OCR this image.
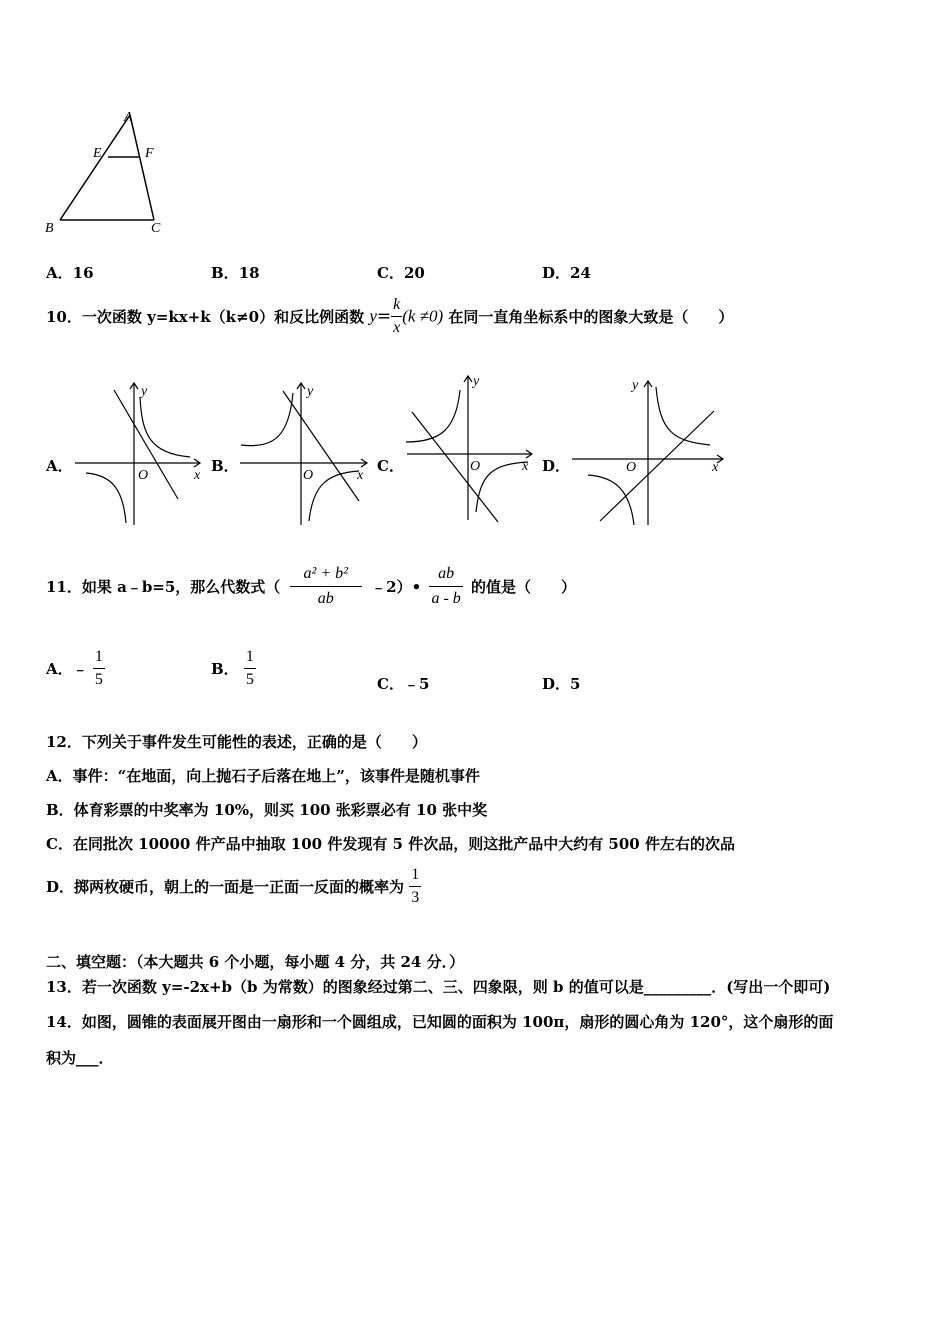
A
E	F
B	C
A．16	B．18	C．20	D．24
10．一次函数 y=kx+k（k≠0）和反比例函数 $y= \frac{k}{x} (k \ne 0)$ 在同一直角坐标系中的图象大致是（　　）
A．
x
y
O
B．
x
y
O
C．	x
y
O	D．	x
y
O
11．如果 a﹣b=5，那么代数式（ $\frac{\text{a² + b²}}{ab}$ ﹣2）• $\frac{ab}{a - b}$ 的值是（　　）
A．﹣ $\frac{1}{5}$	B． $\frac{1}{5}$	C．﹣5	D．5
12．下列关于事件发生可能性的表述，正确的是（　　）
A．事件：“在地面，向上抛石子后落在地上”，该事件是随机事件
B．体育彩票的中奖率为 10%，则买 100 张彩票必有 10 张中奖
C．在同批次 10000 件产品中抽取 100 件发现有 5 件次品，则这批产品中大约有 500 件左右的次品
D．掷两枚硬币，朝上的一面是一正面一反面的概率为 $\frac{1}{3}$
二、填空题：（本大题共 6 个小题，每小题 4 分，共 24 分．）
13．若一次函数 y=-2x+b（b 为常数）的图象经过第二、三、四象限，则 b 的值可以是_________．(写出一个即可)
14．如图，圆锥的表面展开图由一扇形和一个圆组成，已知圆的面积为 100π，扇形的圆心角为 120°，这个扇形的面
积为___．
